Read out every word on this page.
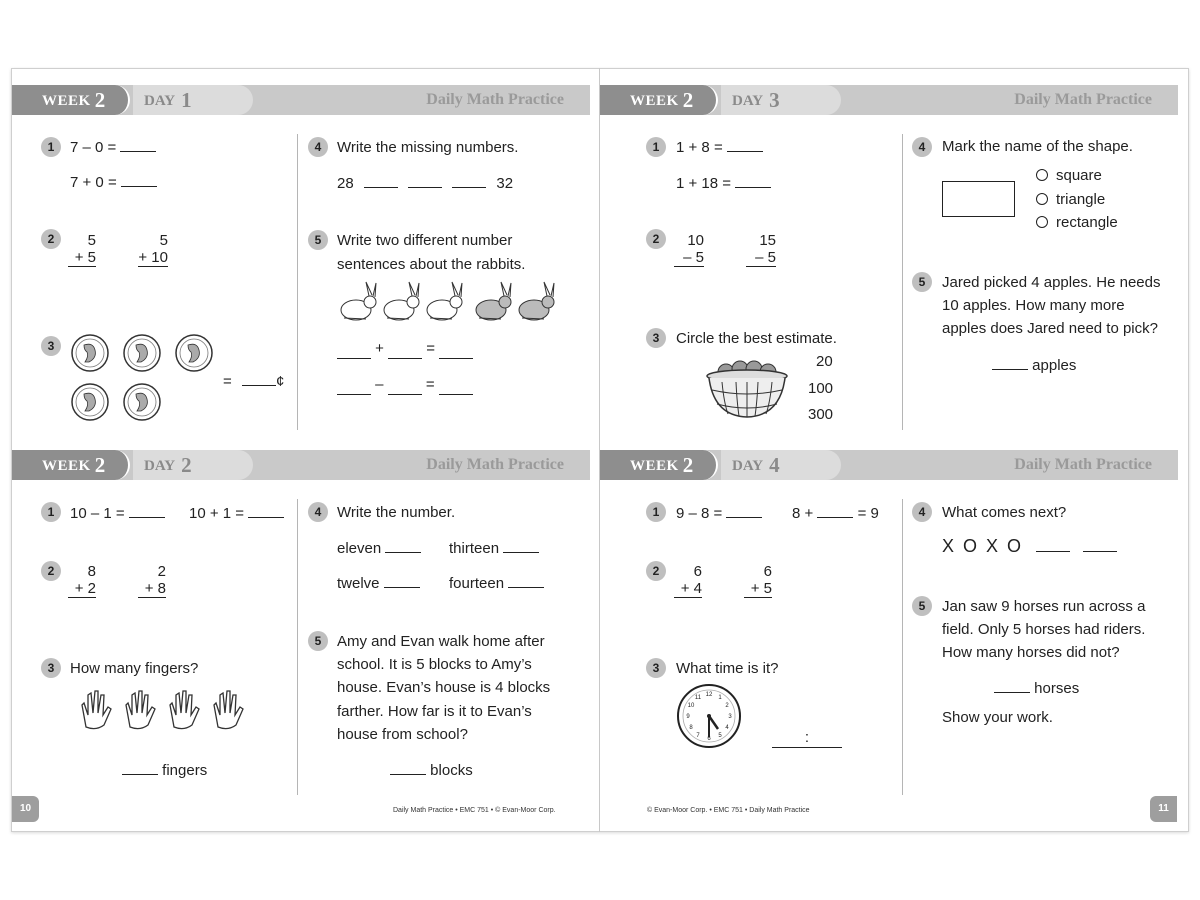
WEEK 2	DAY 1	Daily Math Practice
1	7 – 0 =
7 + 0 =
2	5
+ 5
5
+ 10
3
=	¢
4	Write the missing numbers.
28	32
5	Write two different number
sentences about the rabbits.
+	=
–	=
WEEK 2	DAY 3	Daily Math Practice
1	1 + 8 =
1 + 18 =
2	10
– 5
15
– 5
3	Circle the best estimate.
20
100
300
4	Mark the name of the shape.
square
triangle
rectangle
5	Jared picked 4 apples. He needs
10 apples. How many more
apples does Jared need to pick?
apples
WEEK 2	DAY 2	Daily Math Practice
1	10 – 1 =	10 + 1 =
2	8
+ 2
2
+ 8
3	How many fingers?
fingers
4	Write the number.
eleven	thirteen
twelve	fourteen
5	Amy and Evan walk home after
school. It is 5 blocks to Amy’s
house. Evan’s house is 4 blocks
farther. How far is it to Evan’s
house from school?
blocks
10	Daily Math Practice • EMC 751 • © Evan-Moor Corp.
WEEK 2	DAY 4	Daily Math Practice
1	9 – 8 =	8 +	= 9
2	6
+ 4
6
+ 5
3	What time is it?
12 1
2
3
4
5
6
7
8
9
10
11
:
4	What comes next?
X O X O
5	Jan saw 9 horses run across a
field. Only 5 horses had riders.
How many horses did not?
horses
Show your work.
11
© Evan-Moor Corp. • EMC 751 • Daily Math Practice
